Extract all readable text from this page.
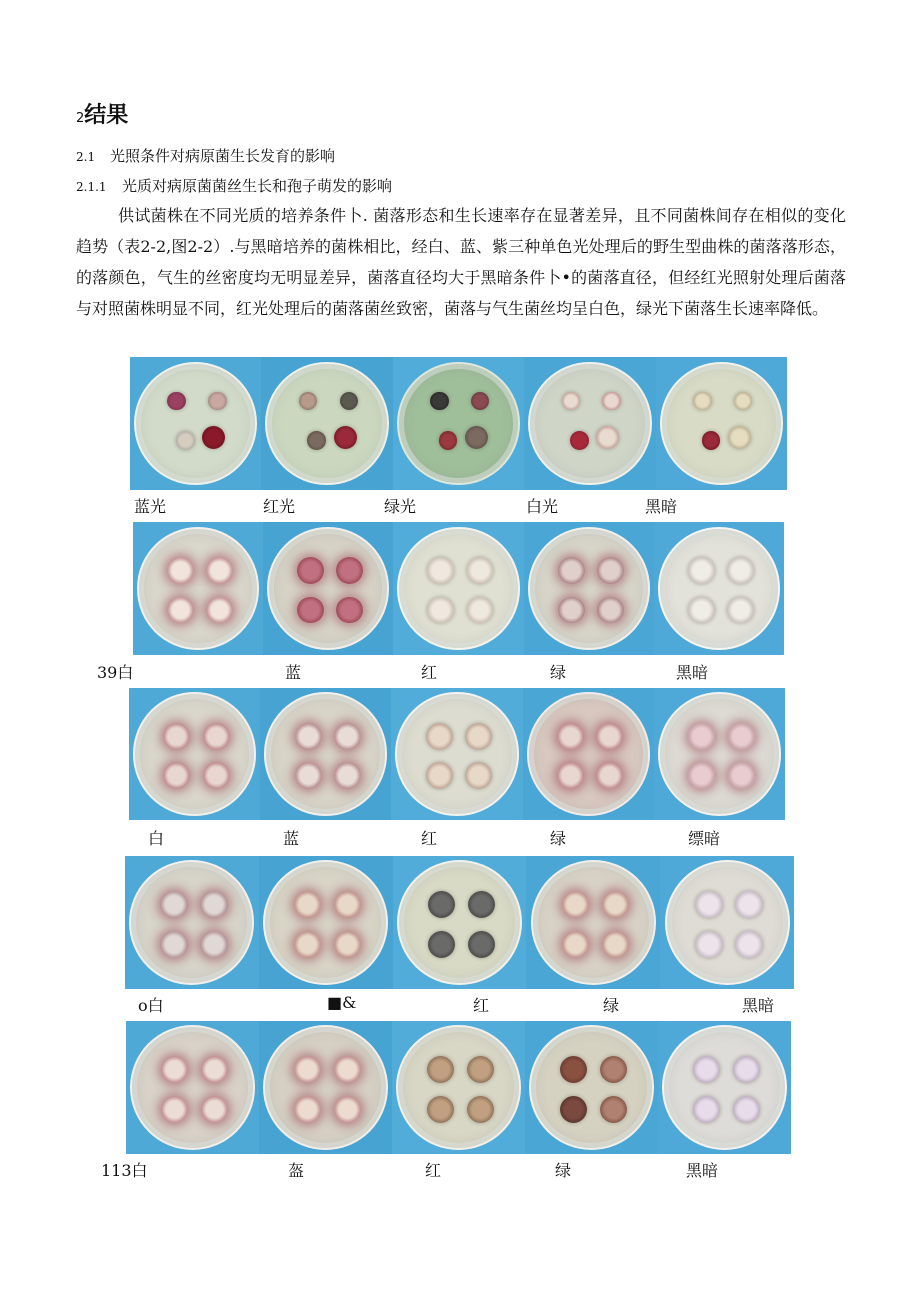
2结果
2.1 光照条件对病原菌生长发育的影响
2.1.1 光质对病原菌菌丝生长和孢子萌发的影响
供试菌株在不同光质的培养条件卜. 菌落形态和生长速率存在显著差异，且不同菌株间存在相似的变化趋势（表2-2,图2-2）.与黑暗培养的菌株相比，经白、蓝、紫三种单色光处理后的野生型曲株的菌落落形态，的落颜色，气生的丝密度均无明显差异，菌落直径均大于黑暗条件卜•的菌落直径，但经红光照射处理后菌落与对照菌株明显不同，红光处理后的菌落菌丝致密，菌落与气生菌丝均呈白色，绿光下菌落生长速率降低。
蓝光	红光	绿光	白光	黑暗
39白	蓝	红	绿	黑暗
白	蓝	红	绿	缥暗
o白	■&	红	绿	黑暗
113白	盔	红	绿	黑暗
